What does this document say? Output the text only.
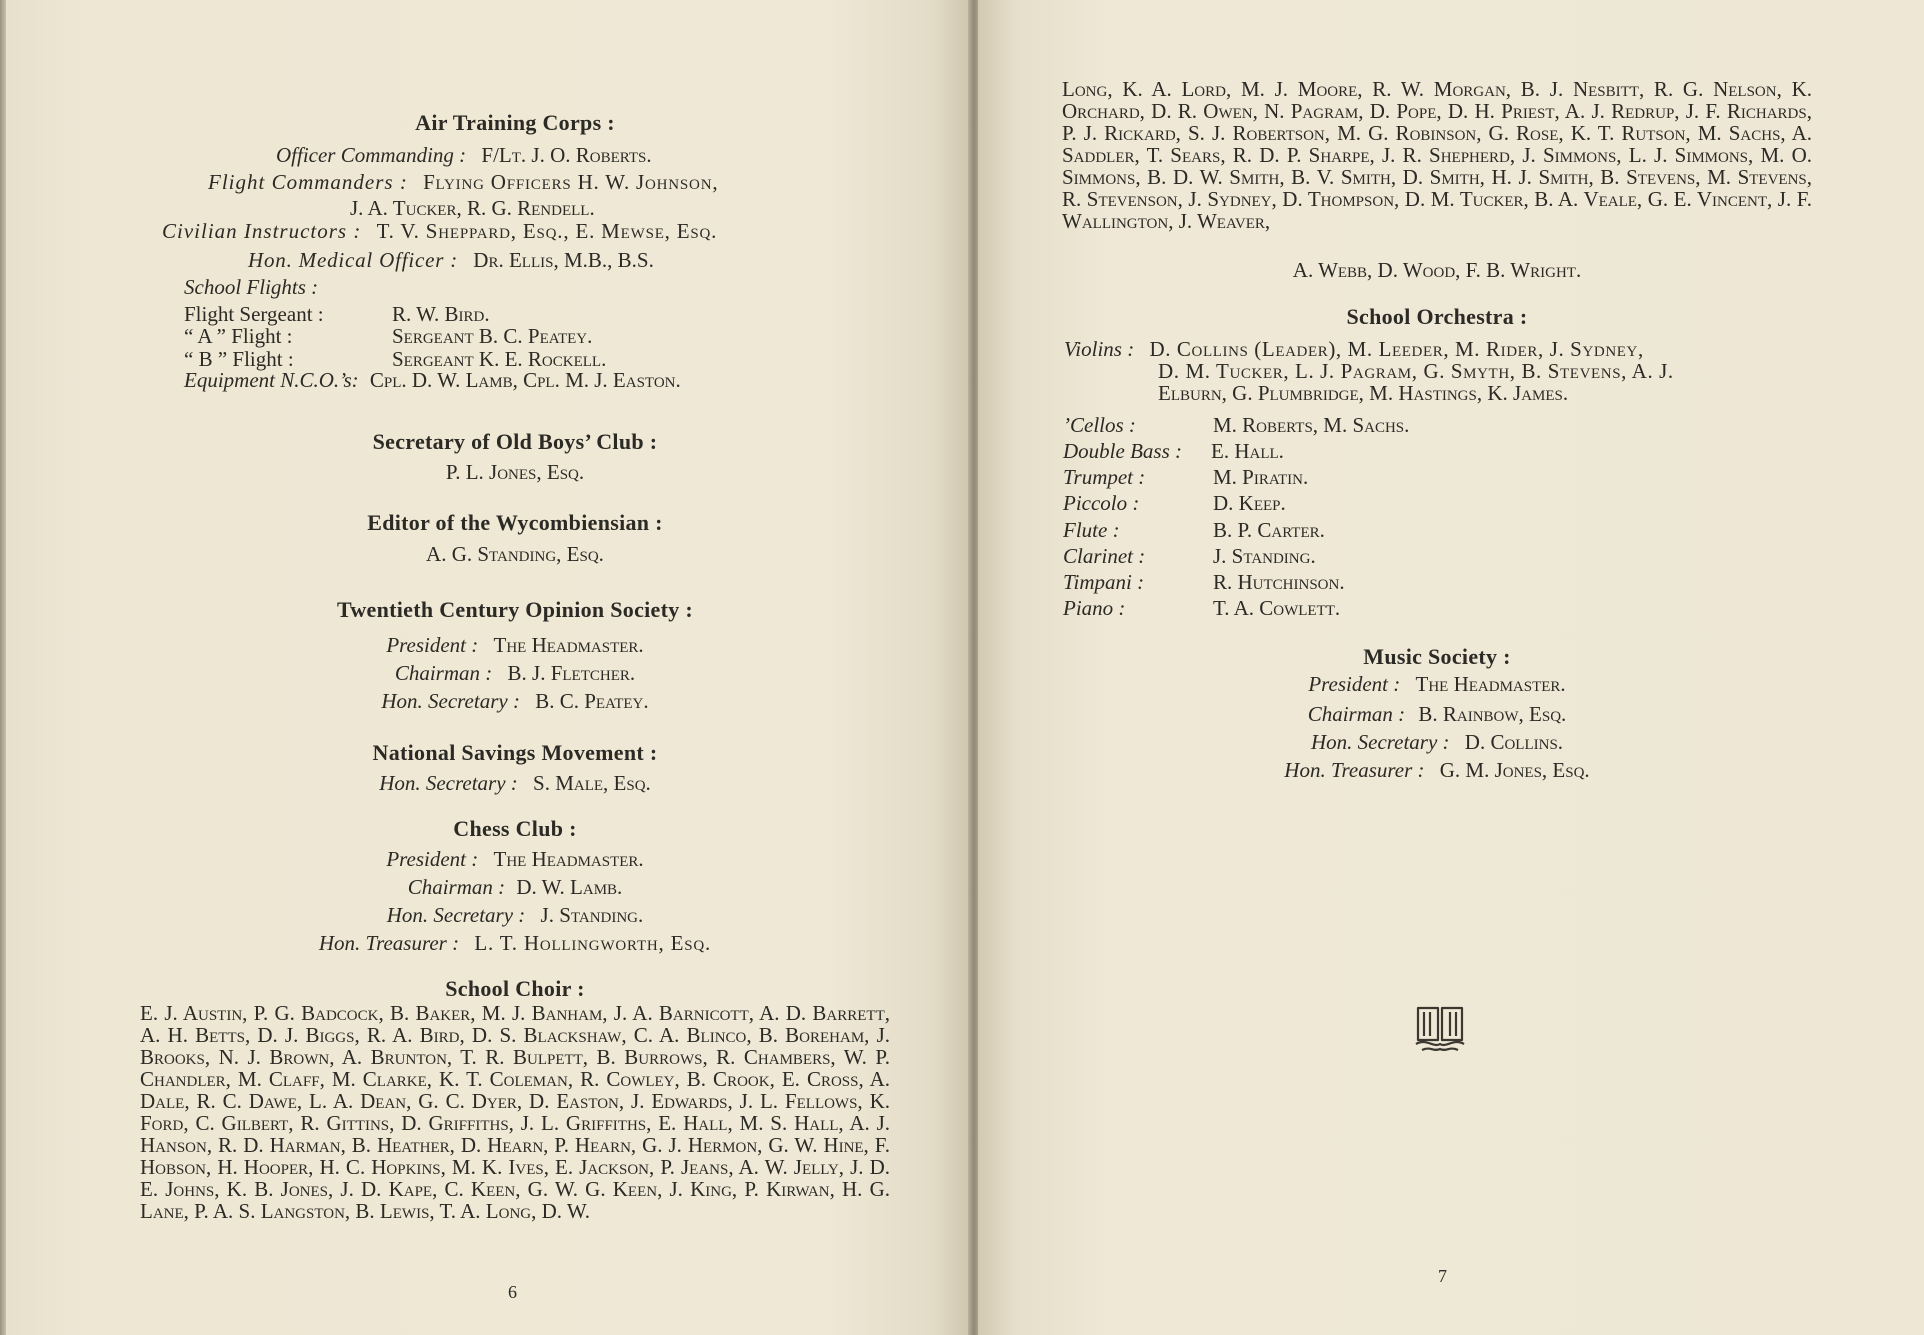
Air Training Corps :
Officer Commanding : F/Lt. J. O. Roberts.
Flight Commanders : Flying Officers H. W. Johnson,
J. A. Tucker, R. G. Rendell.
Civilian Instructors : T. V. Sheppard, Esq., E. Mewse, Esq.
Hon. Medical Officer : Dr. Ellis, M.B., B.S.
School Flights :
Flight Sergeant :	R. W. Bird.
“ A ” Flight :	Sergeant B. C. Peatey.
“ B ” Flight :	Sergeant K. E. Rockell.
Equipment N.C.O.’s: Cpl. D. W. Lamb, Cpl. M. J. Easton.
Secretary of Old Boys’ Club :
P. L. Jones, Esq.
Editor of the Wycombiensian :
A. G. Standing, Esq.
Twentieth Century Opinion Society :
President : The Headmaster.
Chairman : B. J. Fletcher.
Hon. Secretary : B. C. Peatey.
National Savings Movement :
Hon. Secretary : S. Male, Esq.
Chess Club :
President : The Headmaster.
Chairman : D. W. Lamb.
Hon. Secretary : J. Standing.
Hon. Treasurer : L. T. Hollingworth, Esq.
School Choir :
E. J. Austin, P. G. Badcock, B. Baker, M. J. Banham, J. A. Barnicott, A. D. Barrett, A. H. Betts, D. J. Biggs, R. A. Bird, D. S. Blackshaw, C. A. Blinco, B. Boreham, J. Brooks, N. J. Brown, A. Brunton, T. R. Bulpett, B. Burrows, R. Chambers, W. P. Chandler, M. Claff, M. Clarke, K. T. Coleman, R. Cowley, B. Crook, E. Cross, A. Dale, R. C. Dawe, L. A. Dean, G. C. Dyer, D. Easton, J. Edwards, J. L. Fellows, K. Ford, C. Gilbert, R. Gittins, D. Griffiths, J. L. Griffiths, E. Hall, M. S. Hall, A. J. Hanson, R. D. Harman, B. Heather, D. Hearn, P. Hearn, G. J. Hermon, G. W. Hine, F. Hobson, H. Hooper, H. C. Hopkins, M. K. Ives, E. Jackson, P. Jeans, A. W. Jelly, J. D. E. Johns, K. B. Jones, J. D. Kape, C. Keen, G. W. G. Keen, J. King, P. Kirwan, H. G. Lane, P. A. S. Langston, B. Lewis, T. A. Long, D. W.
6
Long, K. A. Lord, M. J. Moore, R. W. Morgan, B. J. Nesbitt, R. G. Nelson, K. Orchard, D. R. Owen, N. Pagram, D. Pope, D. H. Priest, A. J. Redrup, J. F. Richards, P. J. Rickard, S. J. Robertson, M. G. Robinson, G. Rose, K. T. Rutson, M. Sachs, A. Saddler, T. Sears, R. D. P. Sharpe, J. R. Shepherd, J. Simmons, L. J. Simmons, M. O. Simmons, B. D. W. Smith, B. V. Smith, D. Smith, H. J. Smith, B. Stevens, M. Stevens, R. Stevenson, J. Sydney, D. Thompson, D. M. Tucker, B. A. Veale, G. E. Vincent, J. F. Wallington, J. Weaver,
A. Webb, D. Wood, F. B. Wright.
School Orchestra :
Violins : D. Collins (Leader), M. Leeder, M. Rider, J. Sydney,
D. M. Tucker, L. J. Pagram, G. Smyth, B. Stevens, A. J.
Elburn, G. Plumbridge, M. Hastings, K. James.
’Cellos :	M. Roberts, M. Sachs.
Double Bass : E. Hall.
Trumpet :	M. Piratin.
Piccolo :	D. Keep.
Flute :	B. P. Carter.
Clarinet :	J. Standing.
Timpani :	R. Hutchinson.
Piano :	T. A. Cowlett.
Music Society :
President : The Headmaster.
Chairman : B. Rainbow, Esq.
Hon. Secretary : D. Collins.
Hon. Treasurer : G. M. Jones, Esq.
7
